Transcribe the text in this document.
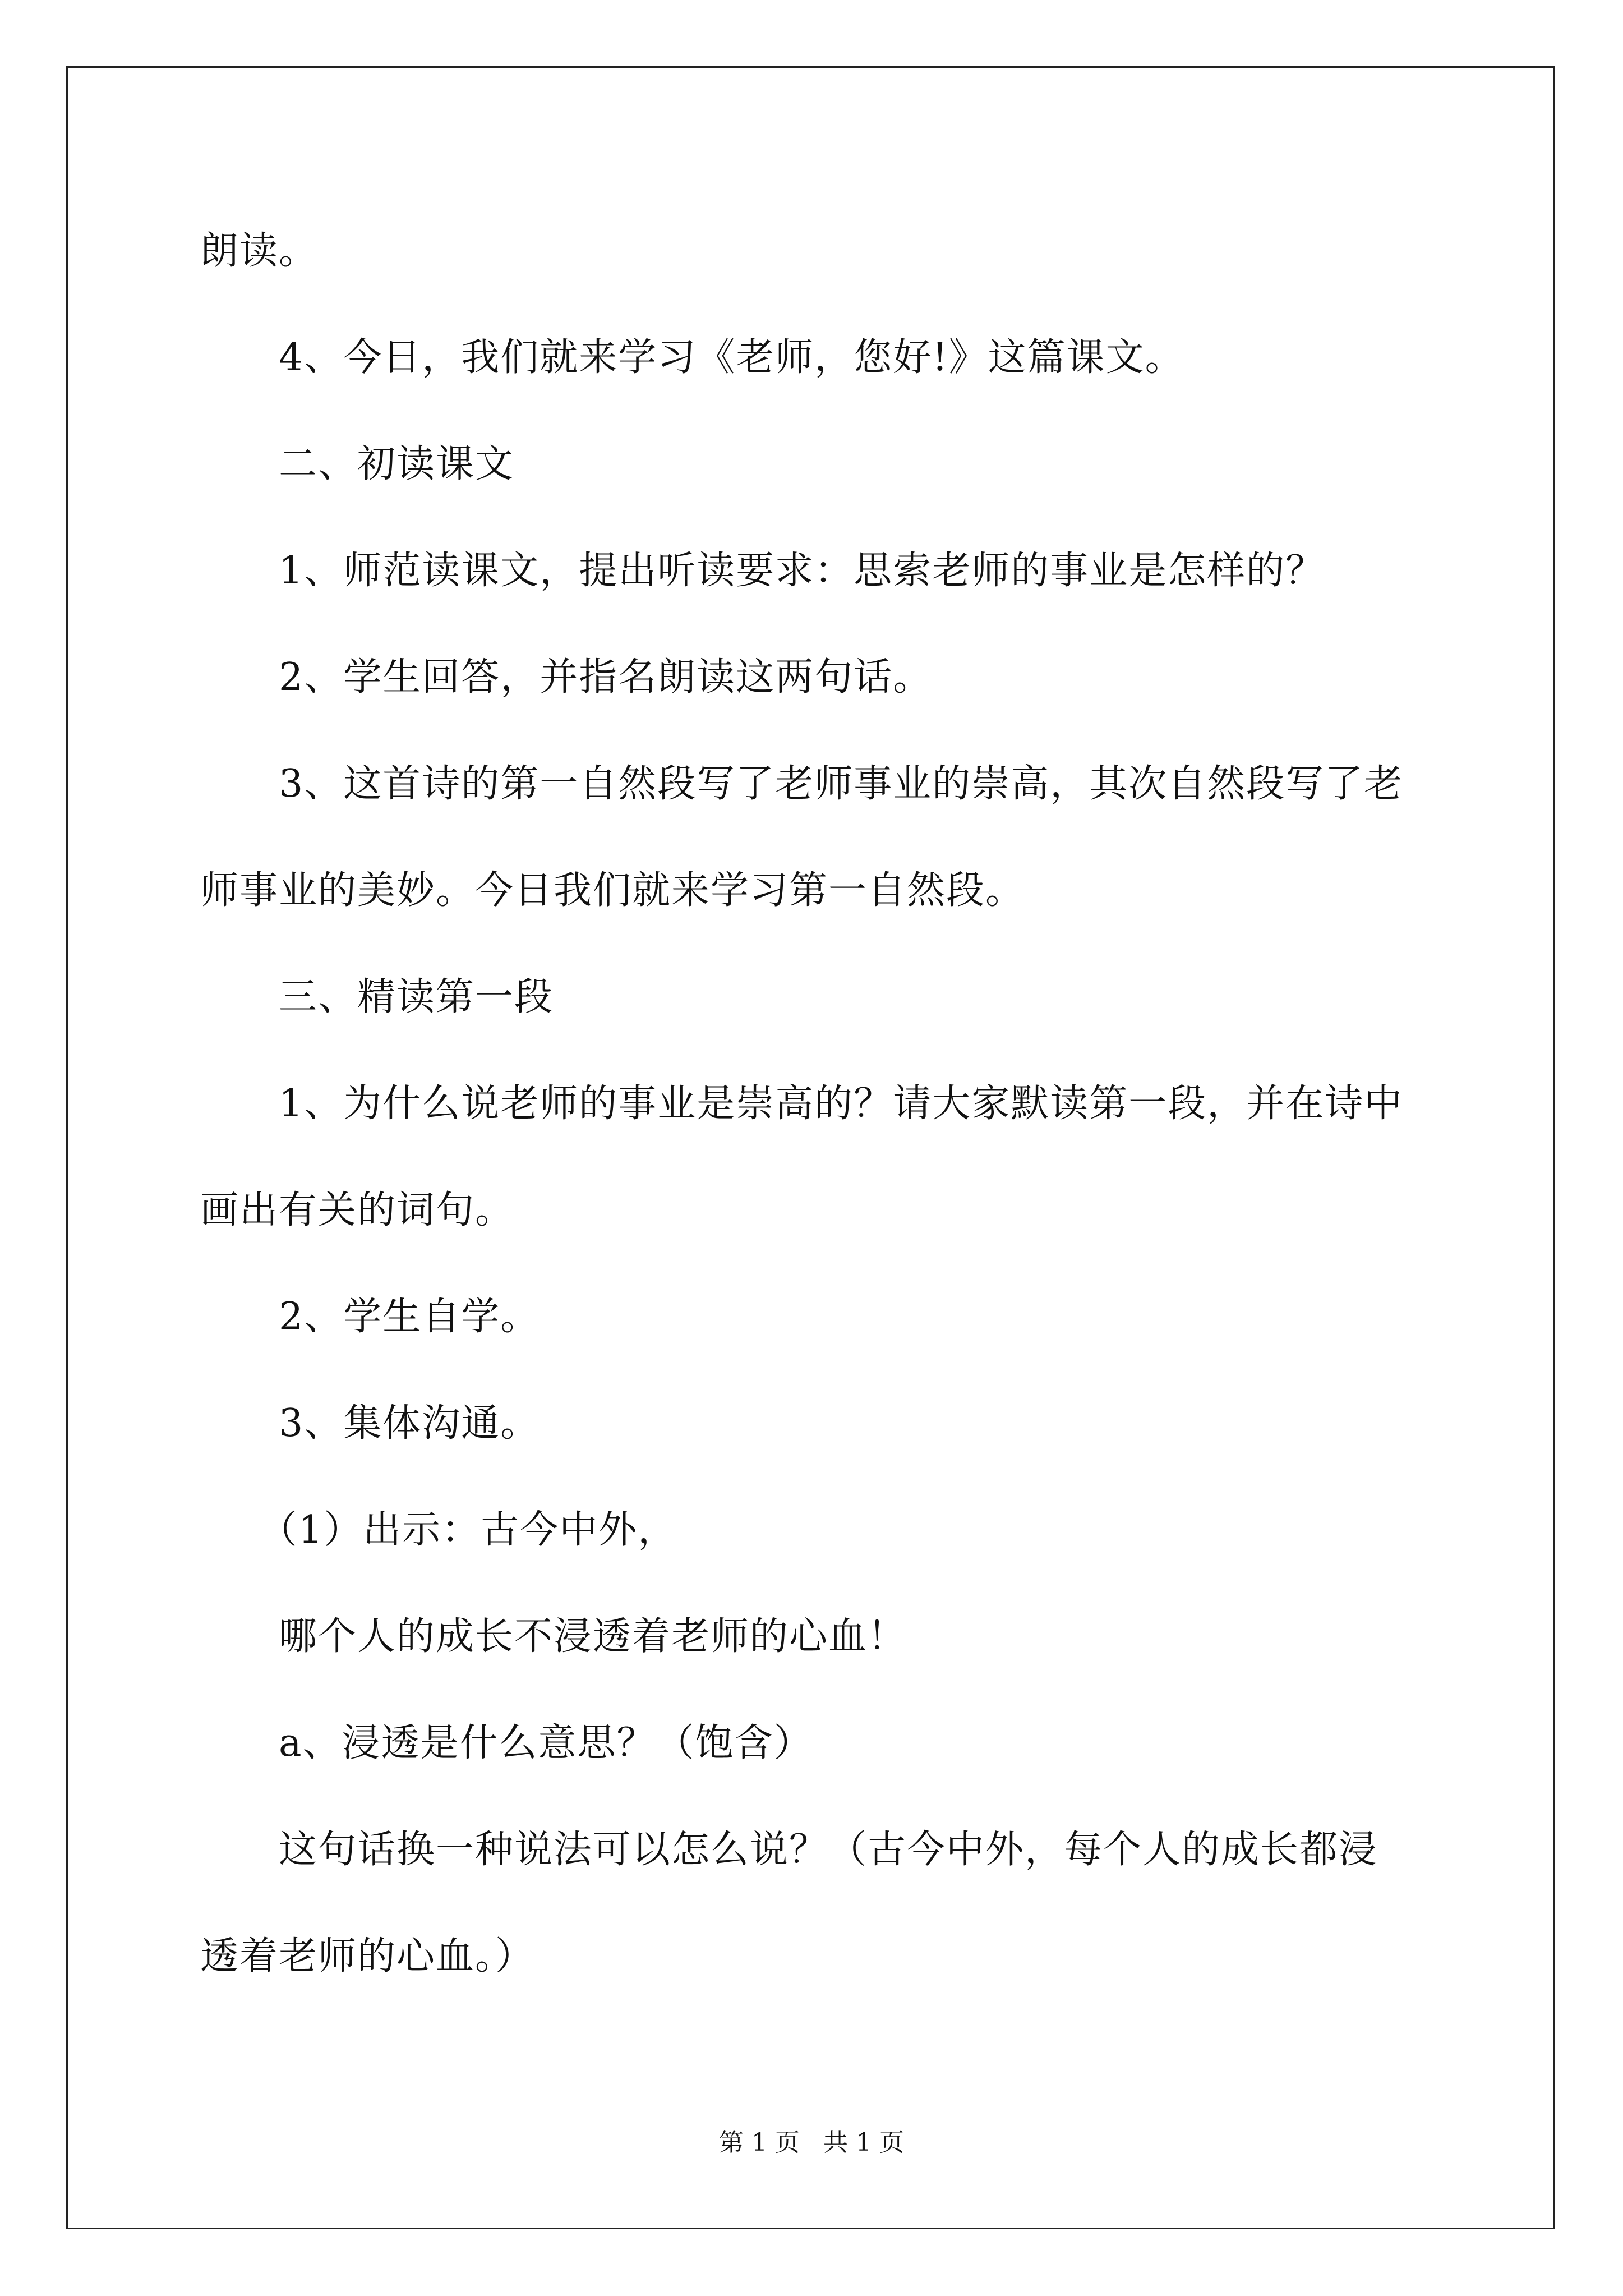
朗读。
4、今日，我们就来学习《老师，您好!》这篇课文。
二、初读课文
1、师范读课文，提出听读要求：思索老师的事业是怎样的？
2、学生回答，并指名朗读这两句话。
3、这首诗的第一自然段写了老师事业的崇高，其次自然段写了老
师事业的美妙。今日我们就来学习第一自然段。
三、精读第一段
1、为什么说老师的事业是崇高的？请大家默读第一段，并在诗中
画出有关的词句。
2、学生自学。
3、集体沟通。
（1）出示：古今中外，
哪个人的成长不浸透着老师的心血！
a、浸透是什么意思？（饱含）
这句话换一种说法可以怎么说？（古今中外，每个人的成长都浸
透着老师的心血。）
第 1 页   共 1 页
